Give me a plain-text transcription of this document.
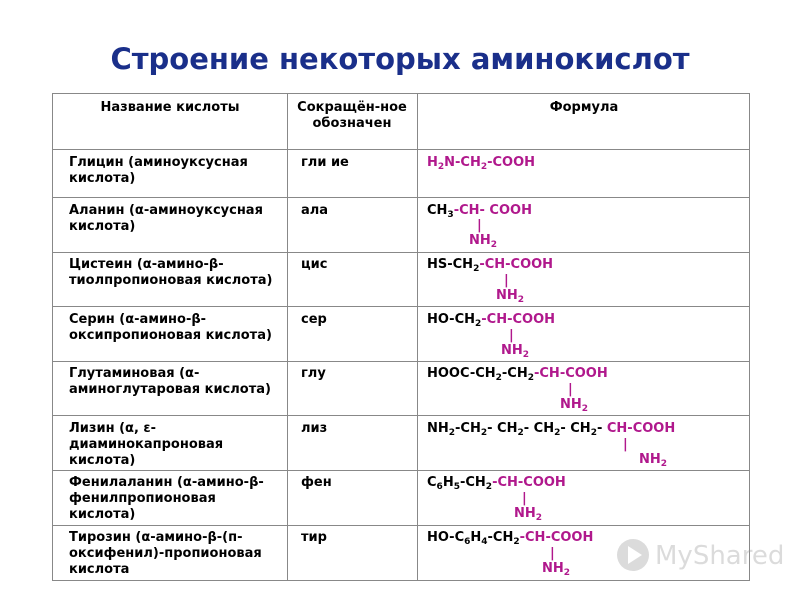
Строение некоторых аминокислот
Название кислоты	Сокращён-ное обозначен
Формула
Глицин (аминоуксусная кислота)
Аланин (α-аминоуксусная кислота)
Цистеин (α-амино-β-тиолпропионовая кислота)
Серин (α-амино-β-оксипропионовая кислота)
Глутаминовая (α-аминоглутаровая кислота)
Лизин (α, ε-диаминокапроновая кислота)
Фенилаланин (α-амино-β-фенилпропионовая кислота)
Тирозин (α-амино-β-(п-оксифенил)-пропионовая кислота
гли ие
ала
цис
сер
глу
лиз
фен
тир
$H_2N-CH_2$-COOH
$CH_3-CH-$ COOH
|
$NH_2$
$HS-CH_2-CH$-COOH
|
$NH_2$
$HO-CH_2-CH$-COOH
|
$NH_2$
HOOC-$CH_2-CH_2-CH$-COOH
|
$NH_2$
$NH_2-CH_2-$ $CH_2-$ $CH_2-$ $CH_2-$ CH-COOH
|
$NH_2$
$C_6H_5-CH_2-CH$-COOH
|
$NH_2$
$HO-C_6H_4-CH_2-CH$-COOH
|
$NH_2$
MyShared
